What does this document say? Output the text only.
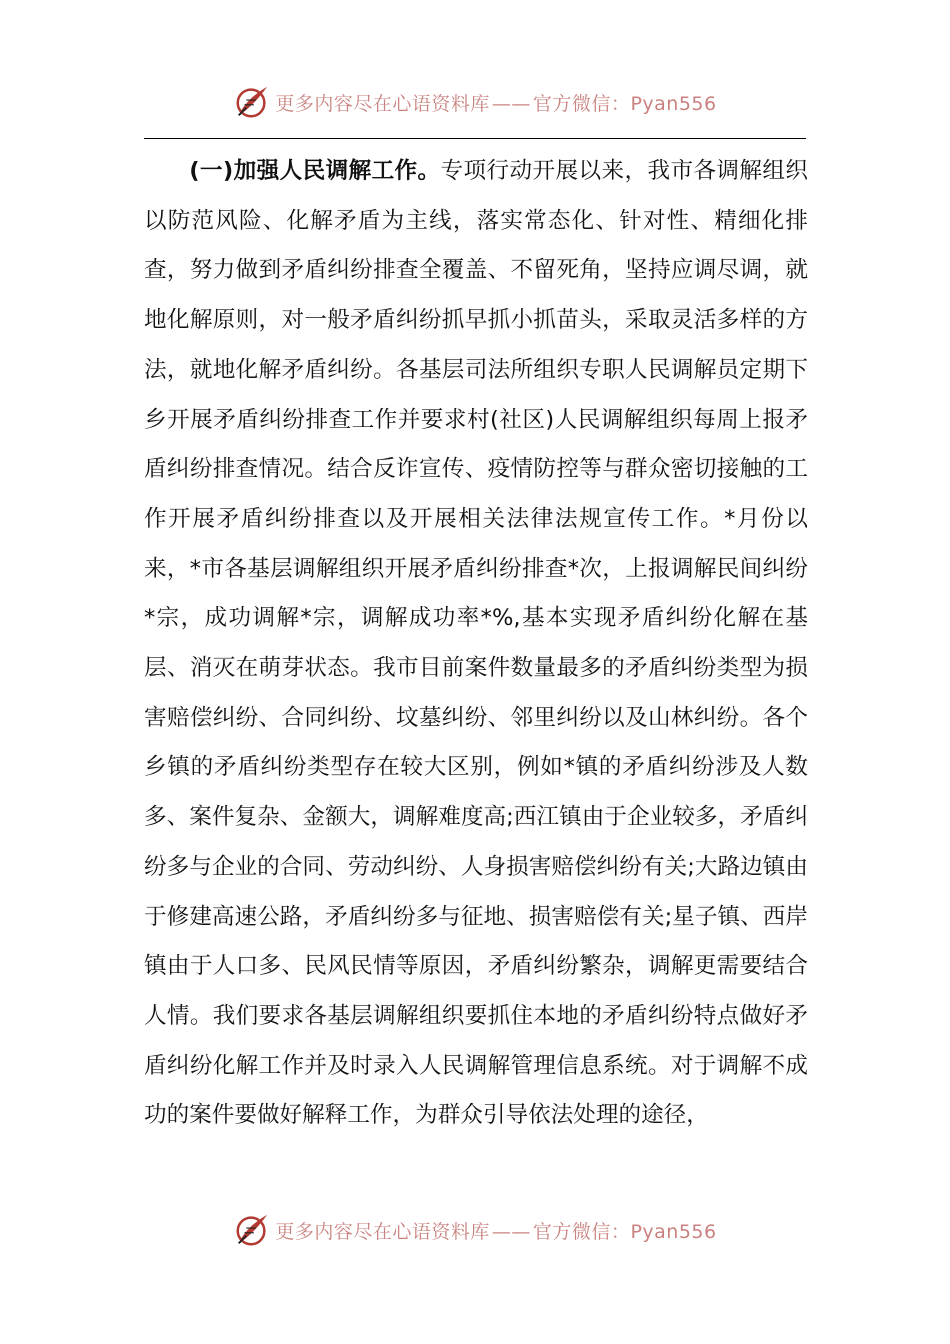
更多内容尽在心语资料库 —— 官方微信：Pyan556

(一)加强人民调解工作。专项行动开展以来，我市各调解组织以防范风险、化解矛盾为主线，落实常态化、针对性、精细化排查，努力做到矛盾纠纷排查全覆盖、不留死角，坚持应调尽调，就地化解原则，对一般矛盾纠纷抓早抓小抓苗头，采取灵活多样的方法，就地化解矛盾纠纷。各基层司法所组织专职人民调解员定期下乡开展矛盾纠纷排查工作并要求村(社区)人民调解组织每周上报矛盾纠纷排查情况。结合反诈宣传、疫情防控等与群众密切接触的工作开展矛盾纠纷排查以及开展相关法律法规宣传工作。*月份以来，*市各基层调解组织开展矛盾纠纷排查*次，上报调解民间纠纷*宗，成功调解*宗，调解成功率*%,基本实现矛盾纠纷化解在基层、消灭在萌芽状态。我市目前案件数量最多的矛盾纠纷类型为损害赔偿纠纷、合同纠纷、坟墓纠纷、邻里纠纷以及山林纠纷。各个乡镇的矛盾纠纷类型存在较大区别，例如*镇的矛盾纠纷涉及人数多、案件复杂、金额大，调解难度高;西江镇由于企业较多，矛盾纠纷多与企业的合同、劳动纠纷、人身损害赔偿纠纷有关;大路边镇由于修建高速公路，矛盾纠纷多与征地、损害赔偿有关;星子镇、西岸镇由于人口多、民风民情等原因，矛盾纠纷繁杂，调解更需要结合人情。我们要求各基层调解组织要抓住本地的矛盾纠纷特点做好矛盾纠纷化解工作并及时录入人民调解管理信息系统。对于调解不成功的案件要做好解释工作，为群众引导依法处理的途径，

更多内容尽在心语资料库 —— 官方微信：Pyan556
